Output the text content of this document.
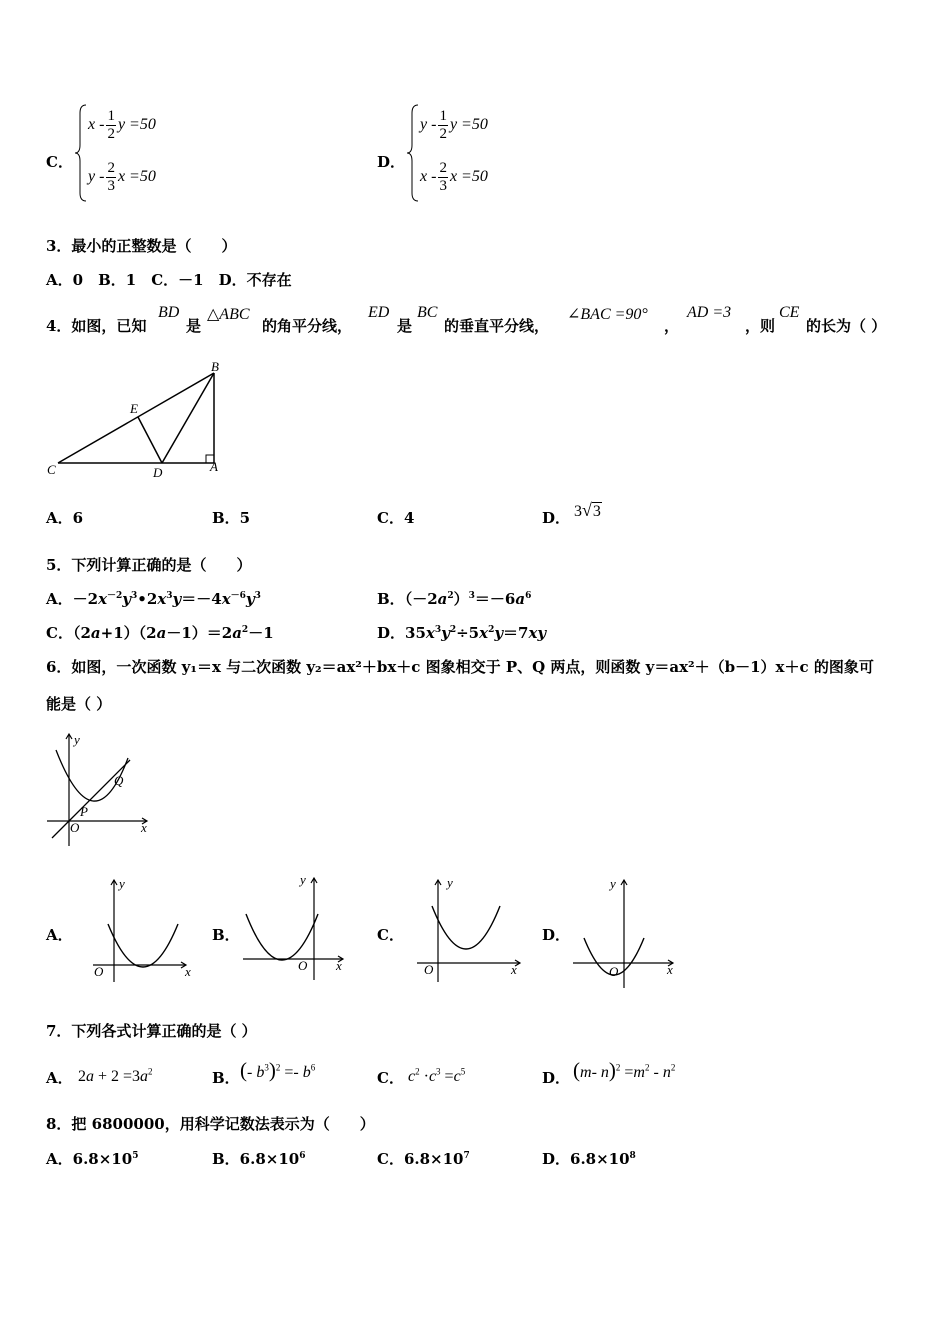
C．
x - $\frac{1}{2}$ y =50
y - $\frac{2}{3}$ x =50
D．
y - $\frac{1}{2}$ y =50
x - $\frac{2}{3}$ x =50
3．最小的正整数是（　　）
A．0　B．1　C．－1　D．不存在
4．如图，已知
BD
是
△ABC
的角平分线，
ED
是
BC
的垂直平分线，
∠BAC =90°
，
AD =3
，则
CE
的长为（ ）
B
E
C	D	A
A．6	B．5	C．4	D． 3√3
5．下列计算正确的是（　　）
A．$-2x^{-2}y^3•2x^3y=-4x^{-6}y^3$	B．$(-2a^2)^3=-6a^6$
C．$(2a+1)(2a-1)=2a^2-1$	D．$35x^3y^2\div 5x^2y=7xy$
6．如图，一次函数 y₁＝x 与二次函数 y₂＝ax²＋bx＋c 图象相交于 P、Q 两点，则函数 y＝ax²＋（b－1）x＋c 的图象可
能是（ ）
y
x
O
P
Q
A．
y
x
O
B．
y
x
O
C．
y
x
O
D．
y
x
O
7．下列各式计算正确的是（ ）
A． $2a + 2 =3a^2$	B． (- $b^3)^2 =- b^6$
C． $c^2 \cdot c^3 =c^5$	D． (m- $n)^2 =m^2 - n^2$
8．把 6800000，用科学记数法表示为（　　）
A．$6.8\times 10^5$	B．$6.8\times 10^6$	C．$6.8\times 10^7$	D．$6.8\times 10^8$
